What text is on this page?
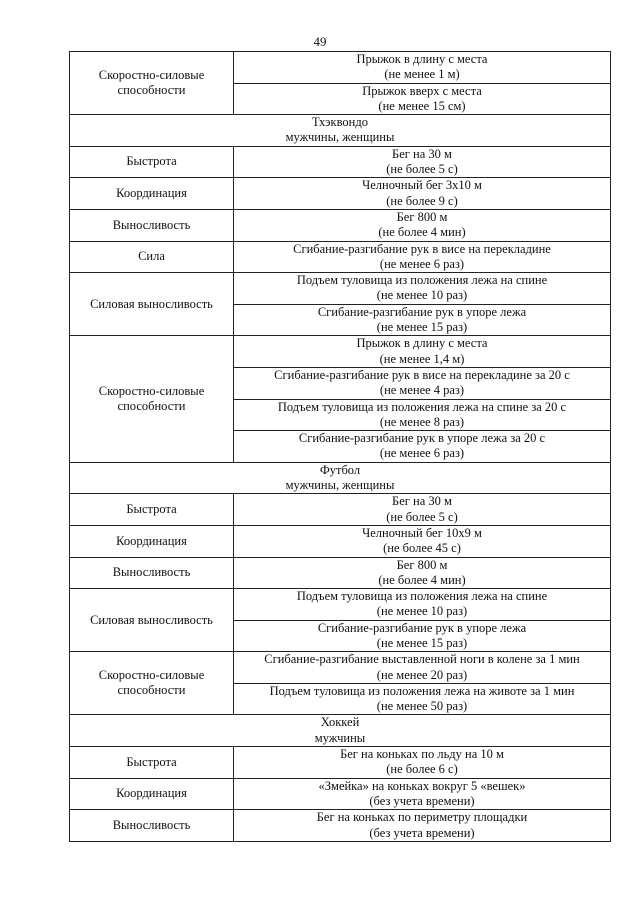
49
Скоростно-силовые
способности	Прыжок в длину с места
(не менее 1 м)

	Прыжок вверх с места
(не менее 15 см)

Тхэквондо
мужчины, женщины	

Быстрота	Бег на 30 м
(не более 5 с)

Координация	Челночный бег 3х10 м
(не более 9 с)

Выносливость	Бег 800 м
(не более 4 мин)

Сила	Сгибание-разгибание рук в висе на перекладине
(не менее 6 раз)

Силовая выносливость	Подъем туловища из положения лежа на спине
(не менее 10 раз)

	Сгибание-разгибание рук в упоре лежа
(не менее 15 раз)

Скоростно-силовые
способности	Прыжок в длину с места
(не менее 1,4 м)

	Сгибание-разгибание рук в висе на перекладине за 20 с
(не менее 4 раз)

	Подъем туловища из положения лежа на спине за 20 с
(не менее 8 раз)

	Сгибание-разгибание рук в упоре лежа за 20 с
(не менее 6 раз)

Футбол
мужчины, женщины	

Быстрота	Бег на 30 м
(не более 5 с)

Координация	Челночный бег 10х9 м
(не более 45 с)

Выносливость	Бег 800 м
(не более 4 мин)

Силовая выносливость	Подъем туловища из положения лежа на спине
(не менее 10 раз)

	Сгибание-разгибание рук в упоре лежа
(не менее 15 раз)

Скоростно-силовые
способности	Сгибание-разгибание выставленной ноги в колене за 1 мин
(не менее 20 раз)

	Подъем туловища из положения лежа на животе за 1 мин
(не менее 50 раз)

Хоккей
мужчины	

Быстрота	Бег на коньках по льду на 10 м
(не более 6 с)

Координация	«Змейка» на коньках вокруг 5 «вешек»
(без учета времени)

Выносливость	Бег на коньках по периметру площадки
(без учета времени)
